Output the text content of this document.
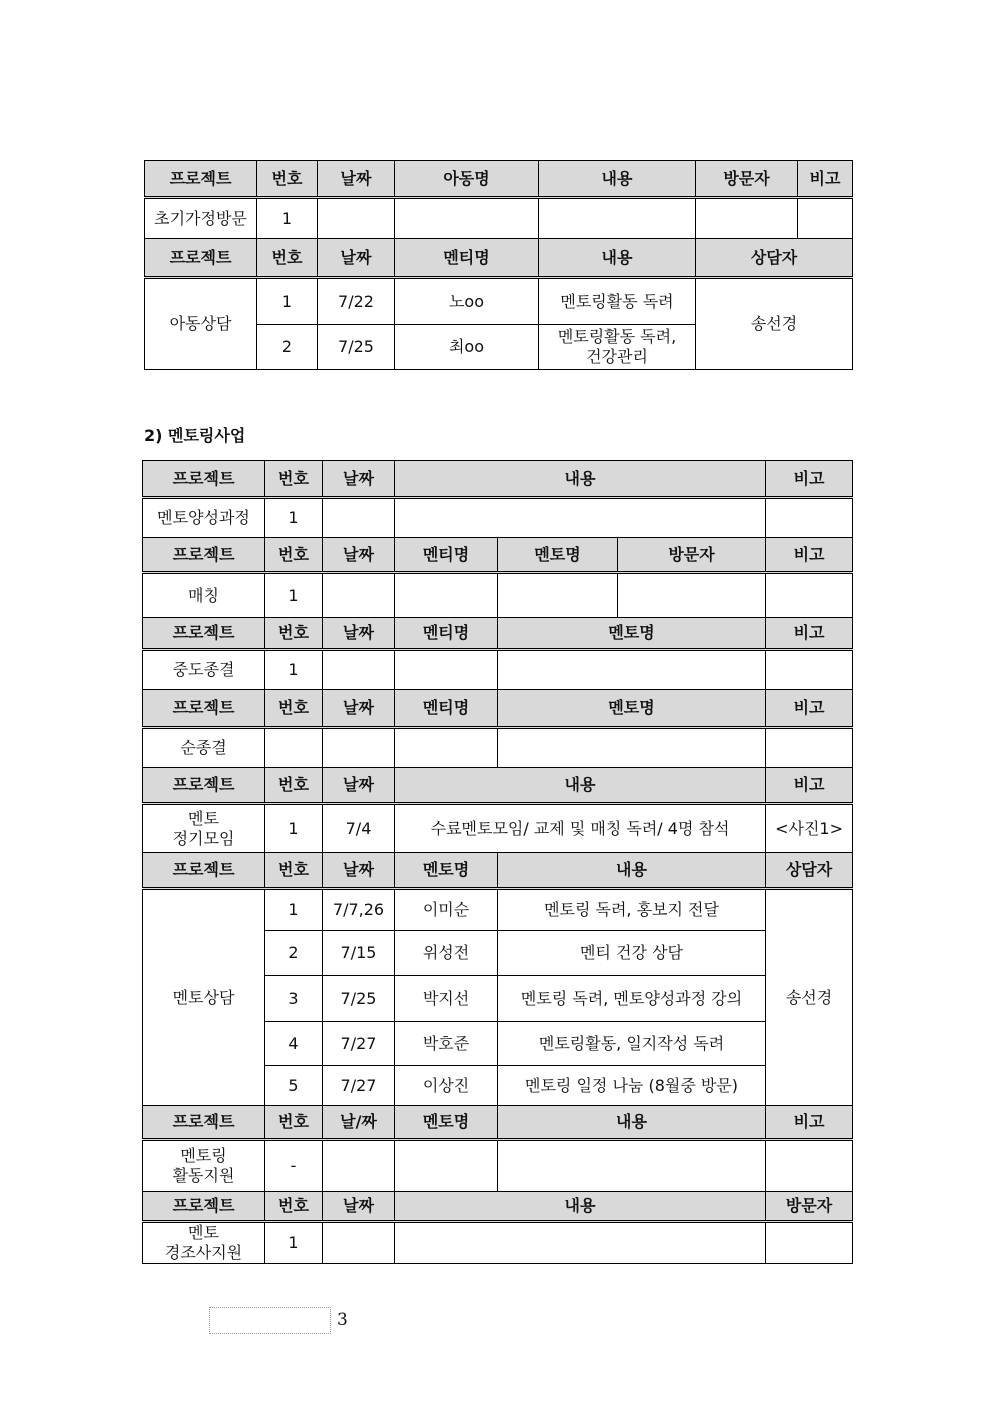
프로젝트	번호	날짜	아동명	내용	방문자	비고
초기가정방문	1					
프로젝트	번호	날짜	멘티명	내용	상담자	
아동상담	1	7/22	노oo	멘토링활동 독려	송선경	
	2	7/25	최oo	멘토링활동 독려,
건강관리		
2) 멘토링사업
프로젝트	번호	날짜	내용			비고
멘토양성과정	1					
프로젝트	번호	날짜	멘티명	멘토명	방문자	비고
매칭	1					
프로젝트	번호	날짜	멘티명	멘토명		비고
중도종결	1					
프로젝트	번호	날짜	멘티명	멘토명		비고
순종결						
프로젝트	번호	날짜	내용			비고
멘토
정기모임	1	7/4	수료멘토모임/ 교제 및 매칭 독려/ 4명 참석			<사진1>
프로젝트	번호	날짜	멘토명	내용		상담자
멘토상담	1	7/7,26	이미순	멘토링 독려, 홍보지 전달		송선경
	2	7/15	위성전	멘티 건강 상담		
	3	7/25	박지선	멘토링 독려, 멘토양성과정 강의		
	4	7/27	박호준	멘토링활동, 일지작성 독려		
	5	7/27	이상진	멘토링 일정 나눔 (8월중 방문)		
프로젝트	번호	날/짜	멘토명	내용		비고
멘토링
활동지원	-					
프로젝트	번호	날짜	내용			방문자
멘토
경조사지원	1					
3
